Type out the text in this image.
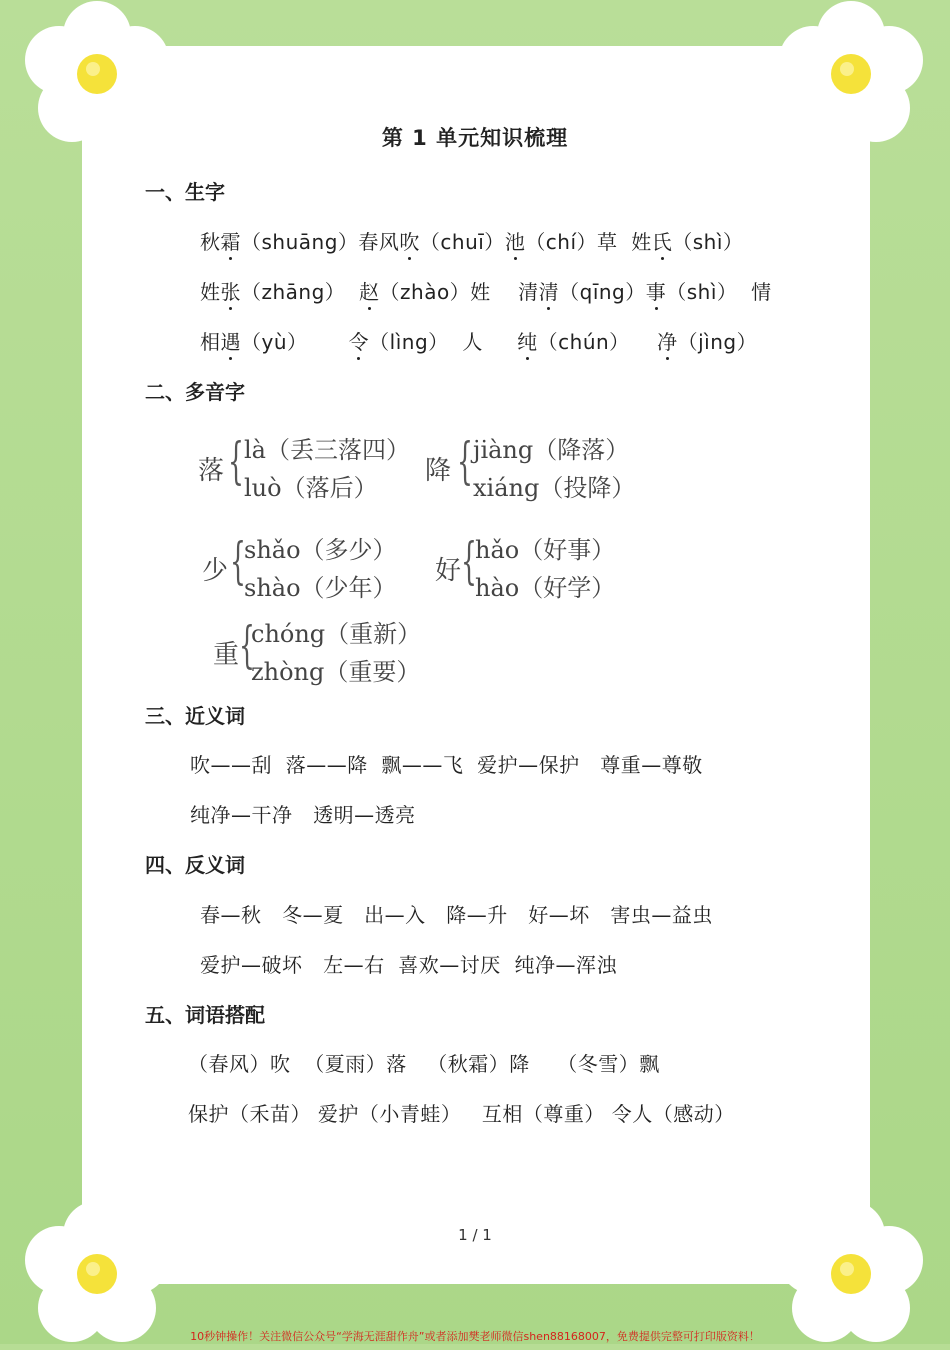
第 1 单元知识梳理
一、生字
秋霜（shuāng）春风吹（chuī）池（chí）草  姓氏（shì）
姓张（zhāng）  赵（zhào）姓    清清（qīng）事（shì）  情
相遇（yù）      令（lìng）  人     纯（chún）    净（jìng）
二、多音字
落 { là（丢三落四）
luò（落后）
降 { jiàng（降落）
xiáng（投降）
少 {
shǎo（多少）
shào（少年）
好 {
hǎo（好事）
hào（好学）
重 {
chóng（重新）
zhòng（重要）
三、近义词
吹——刮  落——降  飘——飞  爱护—保护   尊重—尊敬
纯净—干净   透明—透亮
四、反义词
春—秋   冬—夏   出—入   降—升   好—坏   害虫—益虫
爱护—破坏   左—右  喜欢—讨厌  纯净—浑浊
五、词语搭配
（春风）吹  （夏雨）落   （秋霜）降    （冬雪）飘
保护（禾苗） 爱护（小青蛙）   互相（尊重） 令人（感动）
1 / 1
10秒钟操作！关注微信公众号“学海无涯甜作舟”或者添加樊老师微信shen88168007，免费提供完整可打印版资料！
